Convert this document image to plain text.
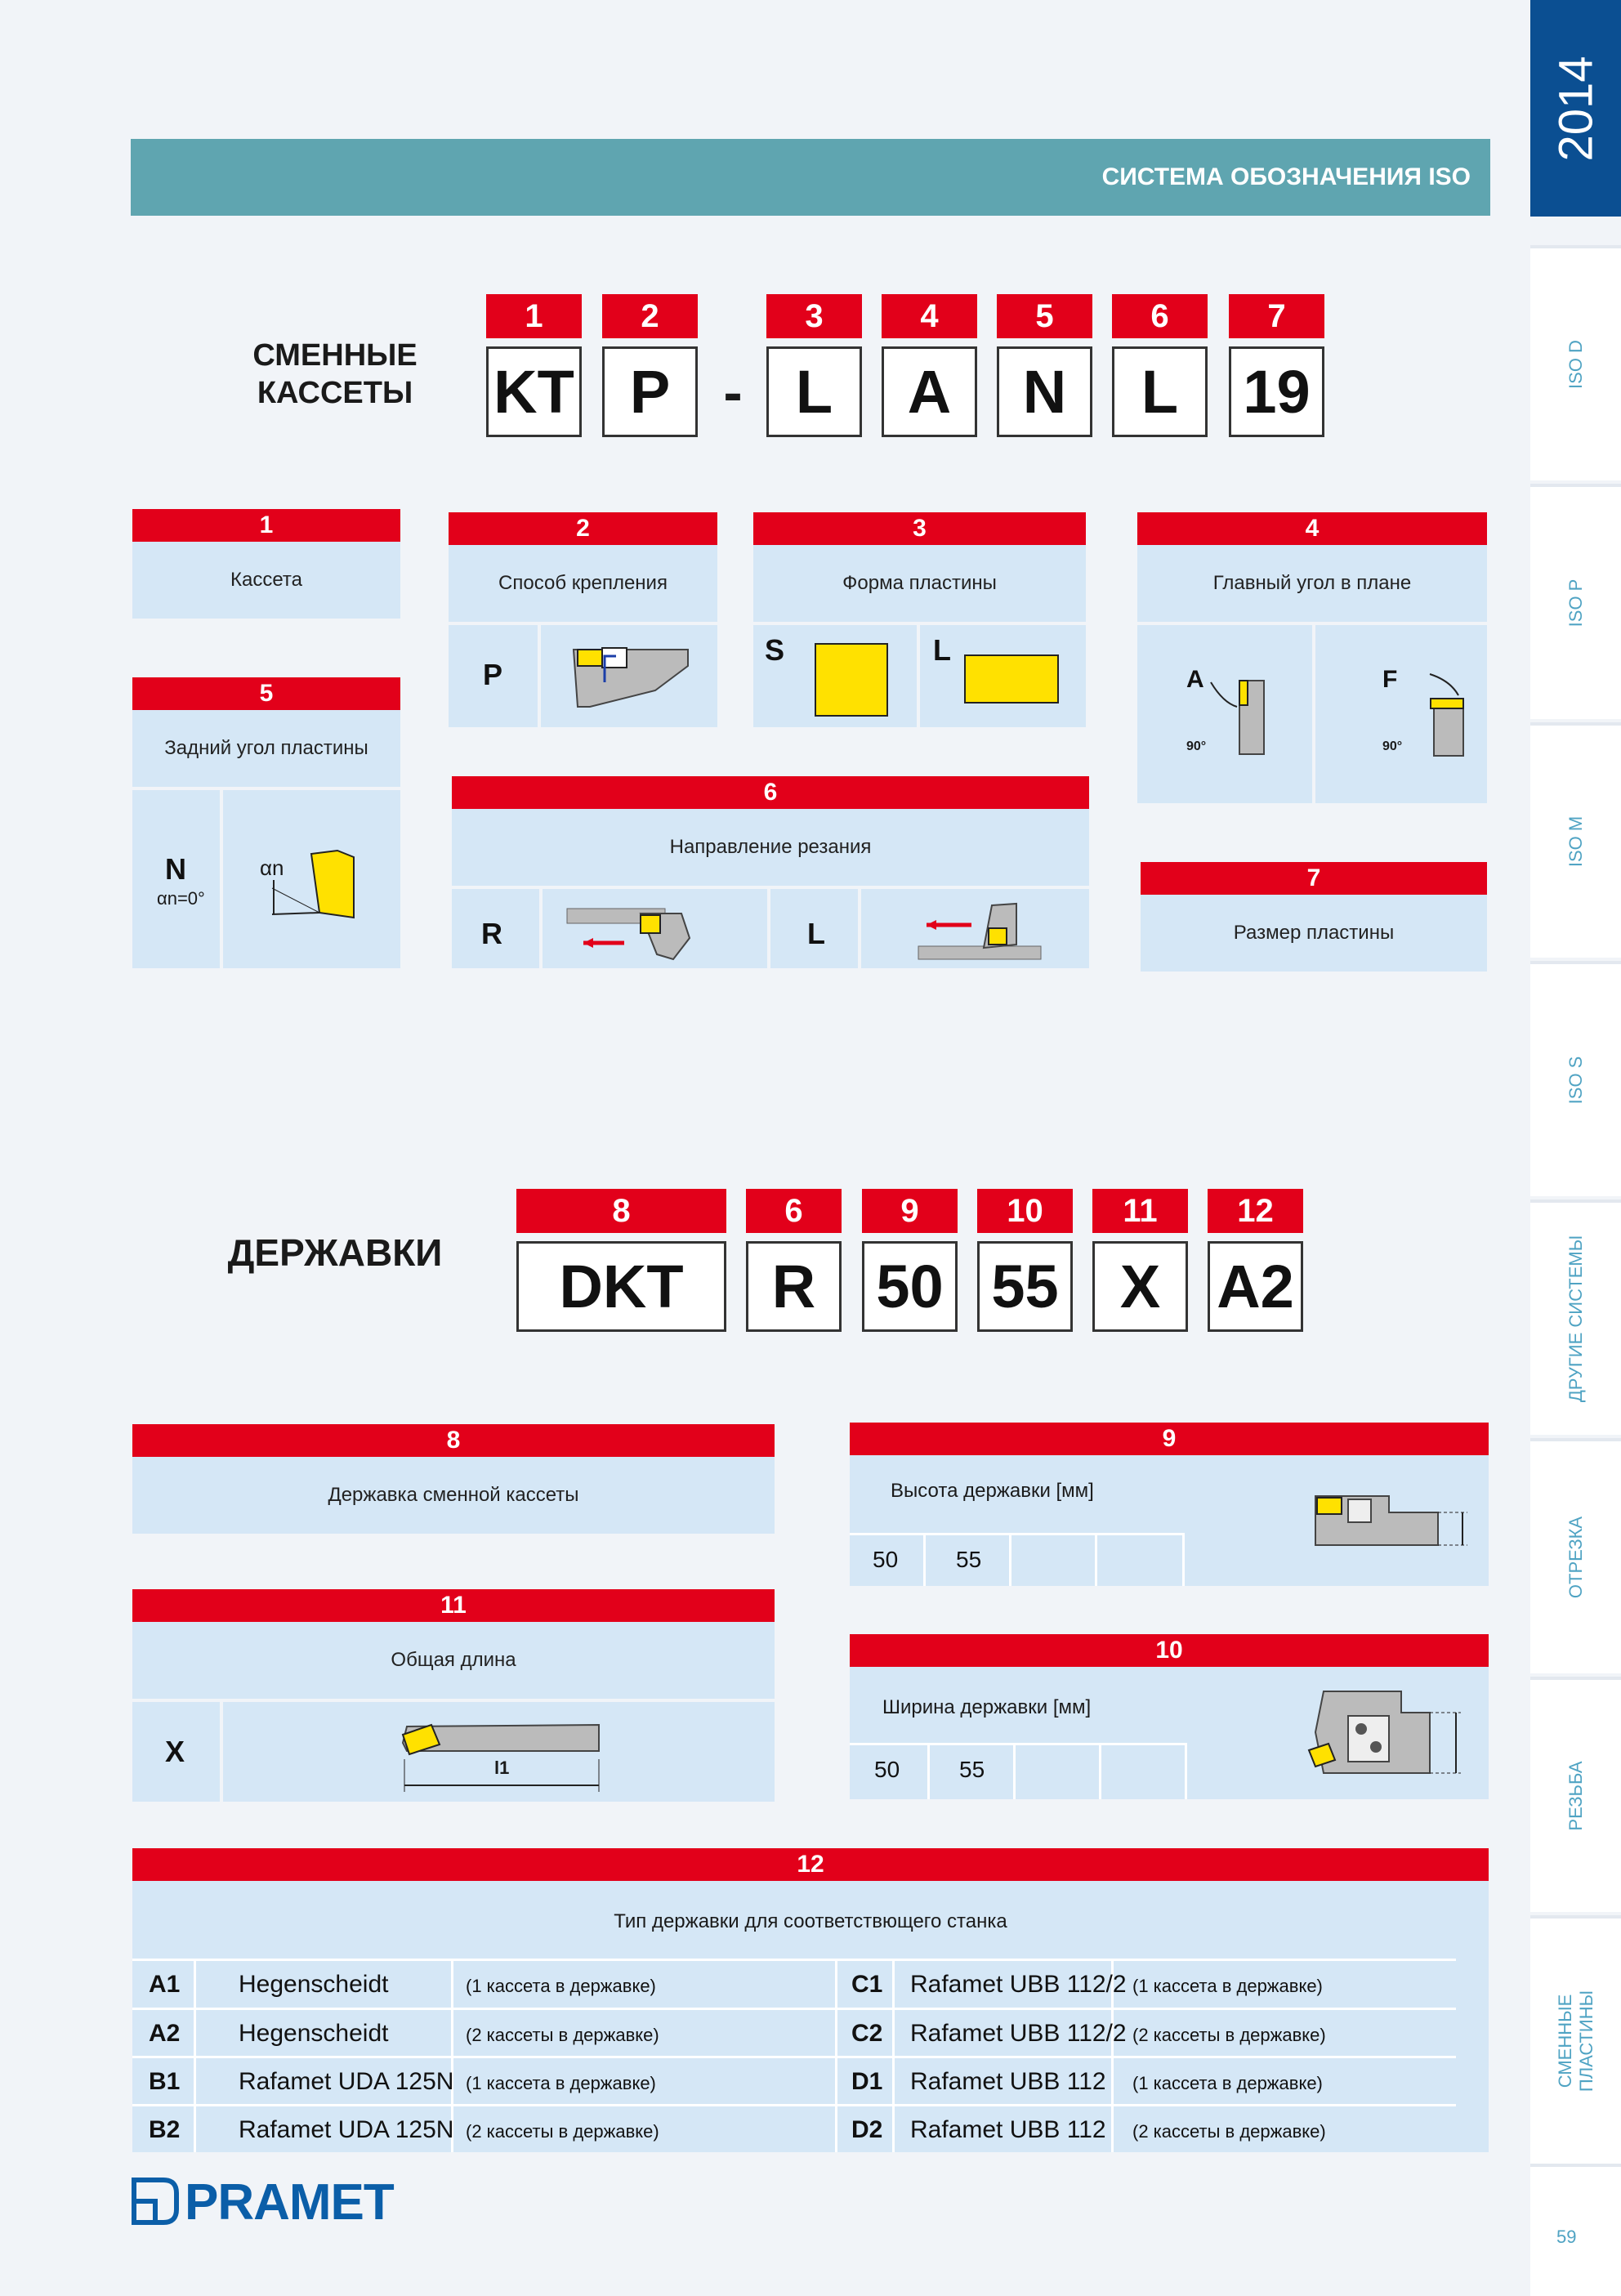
СИСТЕМА ОБОЗНАЧЕНИЯ ISO
2014
ISO D
ISO P
ISO M
ISO S
ДРУГИЕ СИСТЕМЫ
ОТРЕЗКА
РЕЗЬБА
СМЕННЫЕ ПЛАСТИНЫ
59
СМЕННЫЕ
КАССЕТЫ
1	2	3	4	5	6	7
KT P - L	A	N	L	19
1
Кассета
2
Способ крепления
P
3
Форма пластины
S	L
4
Главный угол в плане
A
90°
F
90°
5
Задний угол пластины
N
αn=0°
αn
6
Направление резания
R	L
7
Размер пластины
ДЕРЖАВКИ
8	6	9	10	11	12
DKT	R	50 55	X A2
8
Державка сменной кассеты
9
Высота державки [мм]
50	55
11
Общая длина
X	l1
10
Ширина державки [мм]
50	55
12
Тип державки для соответствющего станка
A1 Hegenscheidt	(1 кассета в державке)	C1 Rafamet UBB 112/2 (1 кассета в державке)
A2 Hegenscheidt	(2 кассеты в державке)	C2 Rafamet UBB 112/2 (2 кассеты в державке)
B1 Rafamet UDA 125N (1 кассета в державке)	D1 Rafamet UBB 112 (1 кассета в державке)
B2 Rafamet UDA 125N (2 кассеты в державке)	D2 Rafamet UBB 112 (2 кассеты в державке)
PRAMET
